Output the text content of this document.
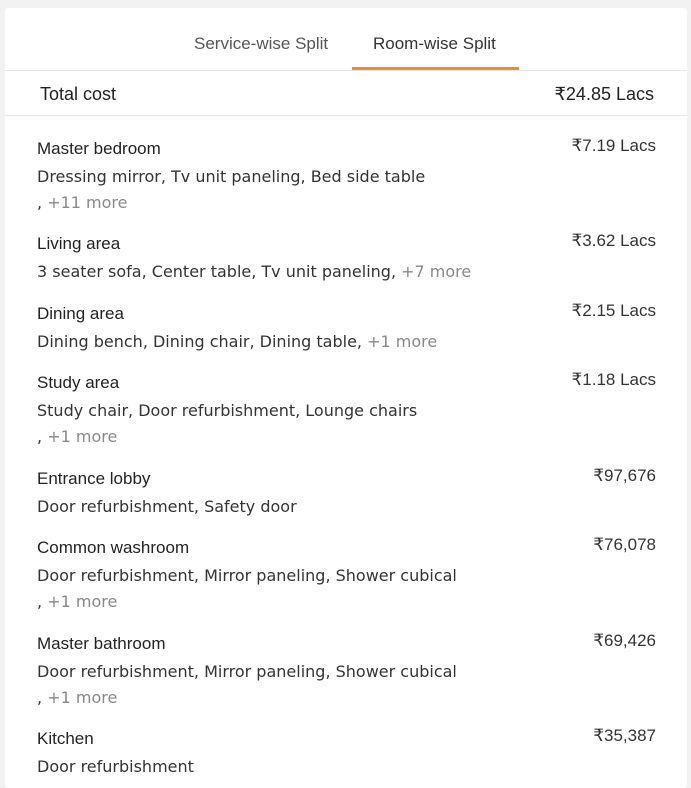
Service-wise Split	Room-wise Split
Total cost	₹24.85 Lacs
Master bedroom	₹7.19 Lacs
Dressing mirror, Tv unit paneling, Bed side table
, +11 more
Living area	₹3.62 Lacs
3 seater sofa, Center table, Tv unit paneling, +7 more
Dining area	₹2.15 Lacs
Dining bench, Dining chair, Dining table, +1 more
Study area	₹1.18 Lacs
Study chair, Door refurbishment, Lounge chairs
, +1 more
Entrance lobby	₹97,676
Door refurbishment, Safety door
Common washroom	₹76,078
Door refurbishment, Mirror paneling, Shower cubical
, +1 more
Master bathroom	₹69,426
Door refurbishment, Mirror paneling, Shower cubical
, +1 more
Kitchen	₹35,387
Door refurbishment
